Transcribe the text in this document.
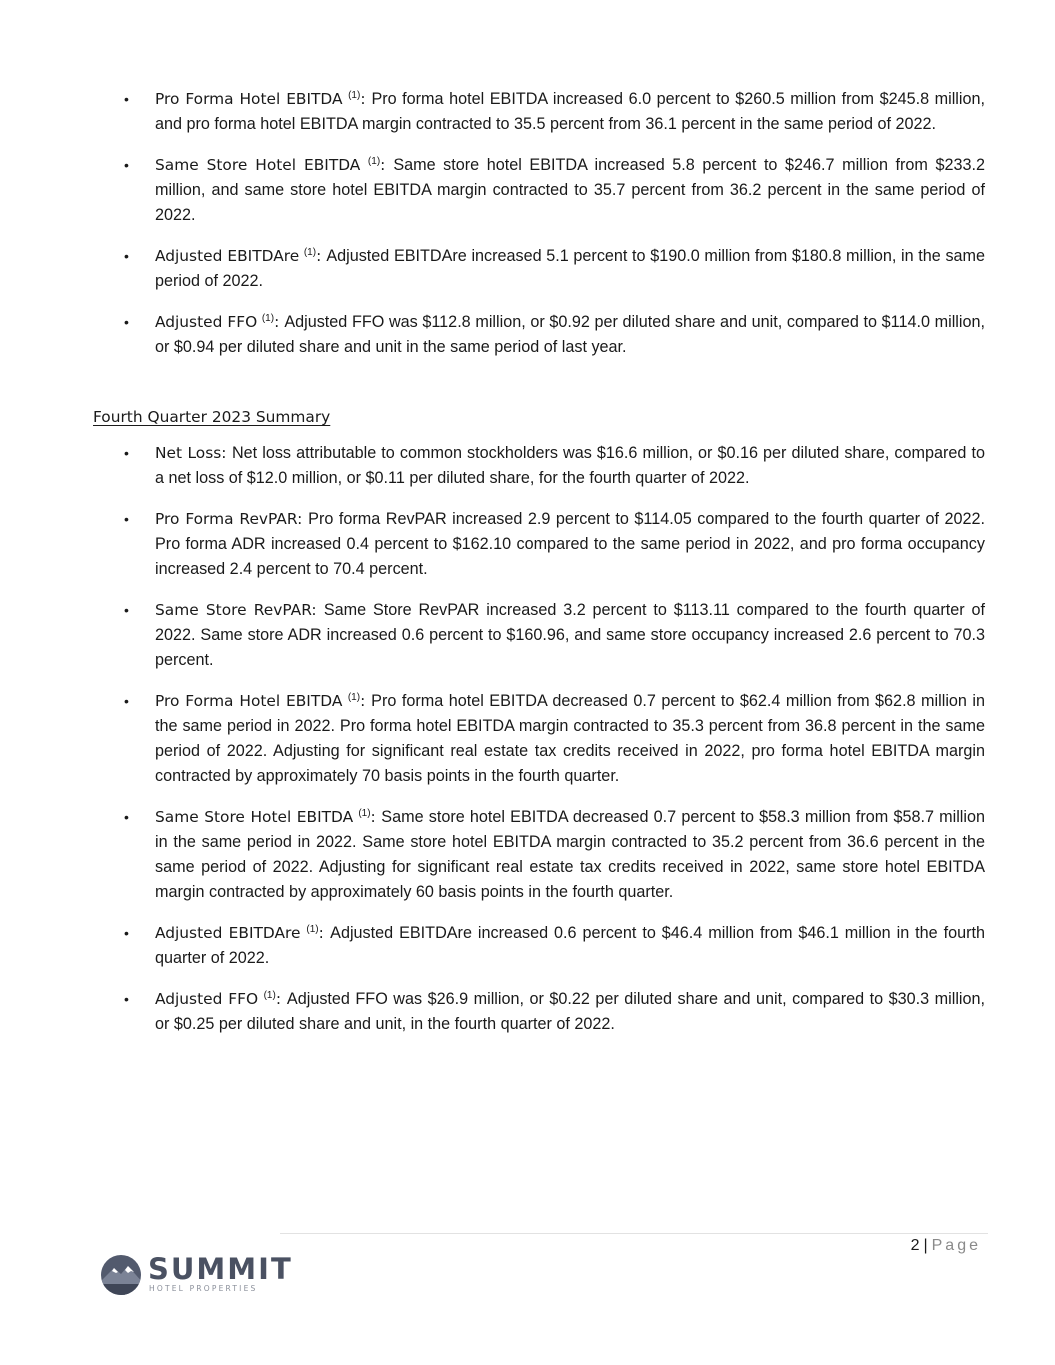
• Pro Forma Hotel EBITDA $^{(1)}$: Pro forma hotel EBITDA increased 6.0 percent to $260.5 million from $245.8 million, and pro forma hotel EBITDA margin contracted to 35.5 percent from 36.1 percent in the same period of 2022.
• Same Store Hotel EBITDA $^{(1)}$: Same store hotel EBITDA increased 5.8 percent to $246.7 million from $233.2 million, and same store hotel EBITDA margin contracted to 35.7 percent from 36.2 percent in the same period of 2022.
• Adjusted EBITDAre $^{(1)}$: Adjusted EBITDAre increased 5.1 percent to $190.0 million from $180.8 million, in the same period of 2022.
• Adjusted FFO $^{(1)}$: Adjusted FFO was $112.8 million, or $0.92 per diluted share and unit, compared to $114.0 million, or $0.94 per diluted share and unit in the same period of last year.
Fourth Quarter 2023 Summary
• Net Loss: Net loss attributable to common stockholders was $16.6 million, or $0.16 per diluted share, compared to a net loss of $12.0 million, or $0.11 per diluted share, for the fourth quarter of 2022.
• Pro Forma RevPAR: Pro forma RevPAR increased 2.9 percent to $114.05 compared to the fourth quarter of 2022. Pro forma ADR increased 0.4 percent to $162.10 compared to the same period in 2022, and pro forma occupancy increased 2.4 percent to 70.4 percent.
• Same Store RevPAR: Same Store RevPAR increased 3.2 percent to $113.11 compared to the fourth quarter of 2022. Same store ADR increased 0.6 percent to $160.96, and same store occupancy increased 2.6 percent to 70.3 percent.
• Pro Forma Hotel EBITDA $^{(1)}$: Pro forma hotel EBITDA decreased 0.7 percent to $62.4 million from $62.8 million in the same period in 2022. Pro forma hotel EBITDA margin contracted to 35.3 percent from 36.8 percent in the same period of 2022. Adjusting for significant real estate tax credits received in 2022, pro forma hotel EBITDA margin contracted by approximately 70 basis points in the fourth quarter.
• Same Store Hotel EBITDA $^{(1)}$: Same store hotel EBITDA decreased 0.7 percent to $58.3 million from $58.7 million in the same period in 2022. Same store hotel EBITDA margin contracted to 35.2 percent from 36.6 percent in the same period of 2022. Adjusting for significant real estate tax credits received in 2022, same store hotel EBITDA margin contracted by approximately 60 basis points in the fourth quarter.
• Adjusted EBITDAre $^{(1)}$: Adjusted EBITDAre increased 0.6 percent to $46.4 million from $46.1 million in the fourth quarter of 2022.
• Adjusted FFO $^{(1)}$: Adjusted FFO was $26.9 million, or $0.22 per diluted share and unit, compared to $30.3 million, or $0.25 per diluted share and unit, in the fourth quarter of 2022.
2 | Page
SUMMIT
HOTEL PROPERTIES
